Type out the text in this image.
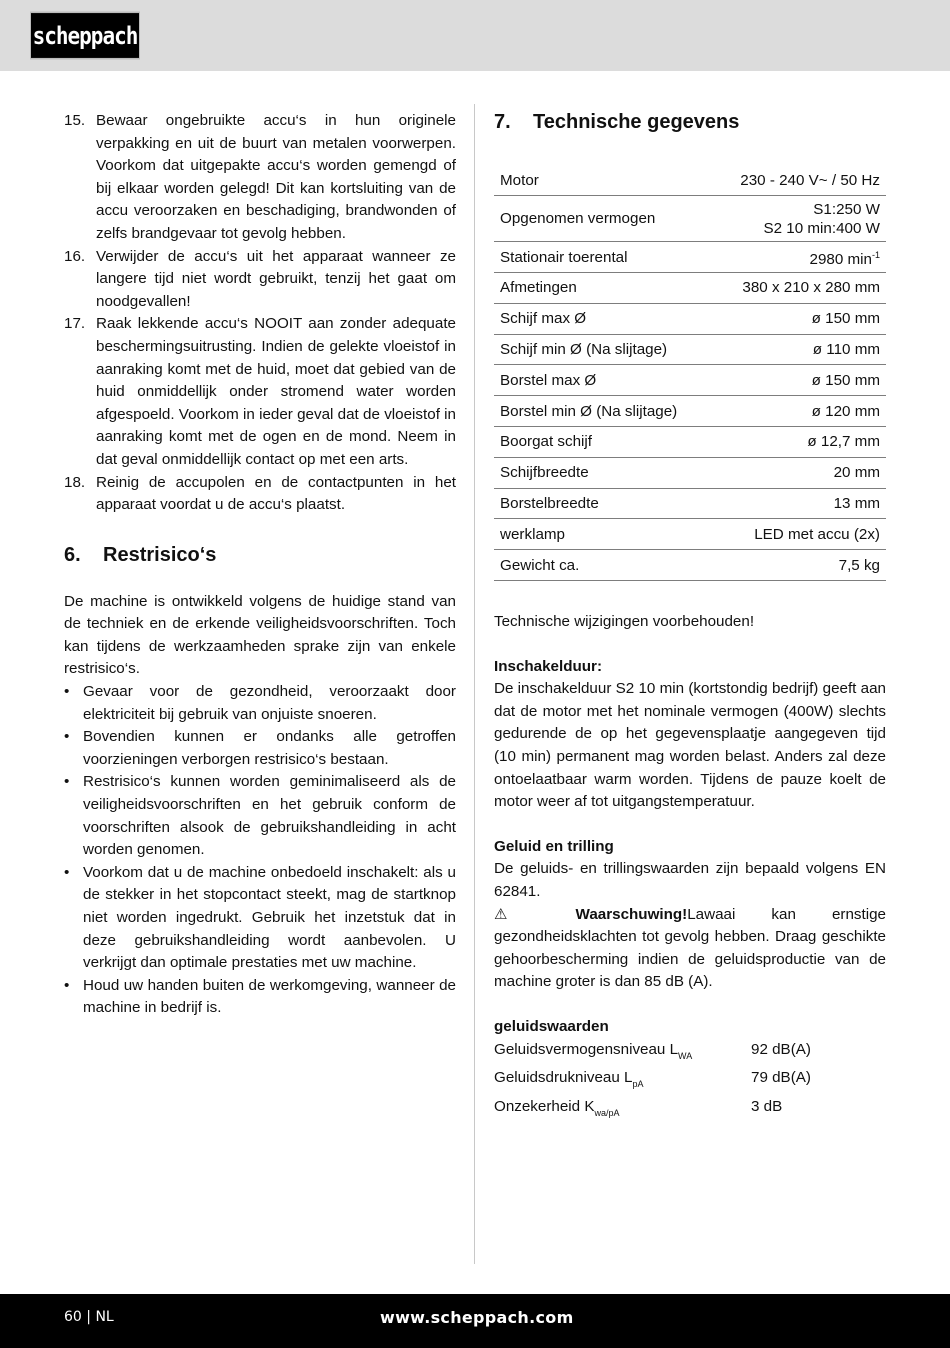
scheppach
15. Bewaar ongebruikte accu‘s in hun originele verpakking en uit de buurt van metalen voorwerpen. Voorkom dat uitgepakte accu‘s worden gemengd of bij elkaar worden gelegd! Dit kan kortsluiting van de accu veroorzaken en beschadiging, brandwonden of zelfs brandgevaar tot gevolg hebben.
16. Verwijder de accu‘s uit het apparaat wanneer ze langere tijd niet wordt gebruikt, tenzij het gaat om noodgevallen!
17. Raak lekkende accu‘s NOOIT aan zonder adequate beschermingsuitrusting. Indien de gelekte vloeistof in aanraking komt met de huid, moet dat gebied van de huid onmiddellijk onder stromend water worden afgespoeld. Voorkom in ieder geval dat de vloeistof in aanraking komt met de ogen en de mond. Neem in dat geval onmiddellijk contact op met een arts.
18. Reinig de accupolen en de contactpunten in het apparaat voordat u de accu‘s plaatst.
6.	Restrisico‘s

De machine is ontwikkeld volgens de huidige stand van de techniek en de erkende veiligheidsvoorschriften. Toch kan tijdens de werkzaamheden sprake zijn van enkele restrisico‘s.

• Gevaar voor de gezondheid, veroorzaakt door elektriciteit bij gebruik van onjuiste snoeren.
• Bovendien kunnen er ondanks alle getroffen voorzieningen verborgen restrisico‘s bestaan.
• Restrisico‘s kunnen worden geminimaliseerd als de veiligheidsvoorschriften en het gebruik conform de voorschriften alsook de gebruikshandleiding in acht worden genomen.
• Voorkom dat u de machine onbedoeld inschakelt: als u de stekker in het stopcontact steekt, mag de startknop niet worden ingedrukt. Gebruik het inzetstuk dat in deze gebruikshandleiding wordt aanbevolen. U verkrijgt dan optimale prestaties met uw machine.
• Houd uw handen buiten de werkomgeving, wanneer de machine in bedrijf is.
7.	Technische gegevens
Motor	230 - 240 V~ / 50 Hz
Opgenomen vermogen	S1:250 W
S2 10 min:400 W

Stationair toerental	2980 $\min^{-1}$
Afmetingen	380 x 210 x 280 mm
Schijf max Ø	ø 150 mm
Schijf min Ø (Na slijtage)	ø 110 mm
Borstel max Ø	ø 150 mm
Borstel min Ø (Na slijtage)	ø 120 mm
Boorgat schijf	ø 12,7 mm
Schijfbreedte	20 mm
Borstelbreedte	13 mm
werklamp	LED met accu (2x)
Gewicht ca.	7,5 kg

Technische wijzigingen voorbehouden!

Inschakelduur:

De inschakelduur S2 10 min (kortstondig bedrijf) geeft aan dat de motor met het nominale vermogen (400W) slechts gedurende de op het gegevensplaatje aangegeven tijd (10 min) permanent mag worden belast. Anders zal deze ontoelaatbaar warm worden. Tijdens de pauze koelt de motor weer af tot uitgangstemperatuur.

Geluid en trilling

De geluids- en trillingswaarden zijn bepaald volgens EN 62841.

⚠ Waarschuwing!Lawaai kan ernstige gezondheidsklachten tot gevolg hebben. Draag geschikte gehoorbescherming indien de geluidsproductie van de machine groter is dan 85 dB (A).

geluidswaarden

Geluidsvermogensniveau $L_{WA}$	92 dB(A)
Geluidsdrukniveau $L_{pA}$	79 dB(A)
Onzekerheid $K_{wa/pA}$	3 dB
60 | NL	www.scheppach.com
